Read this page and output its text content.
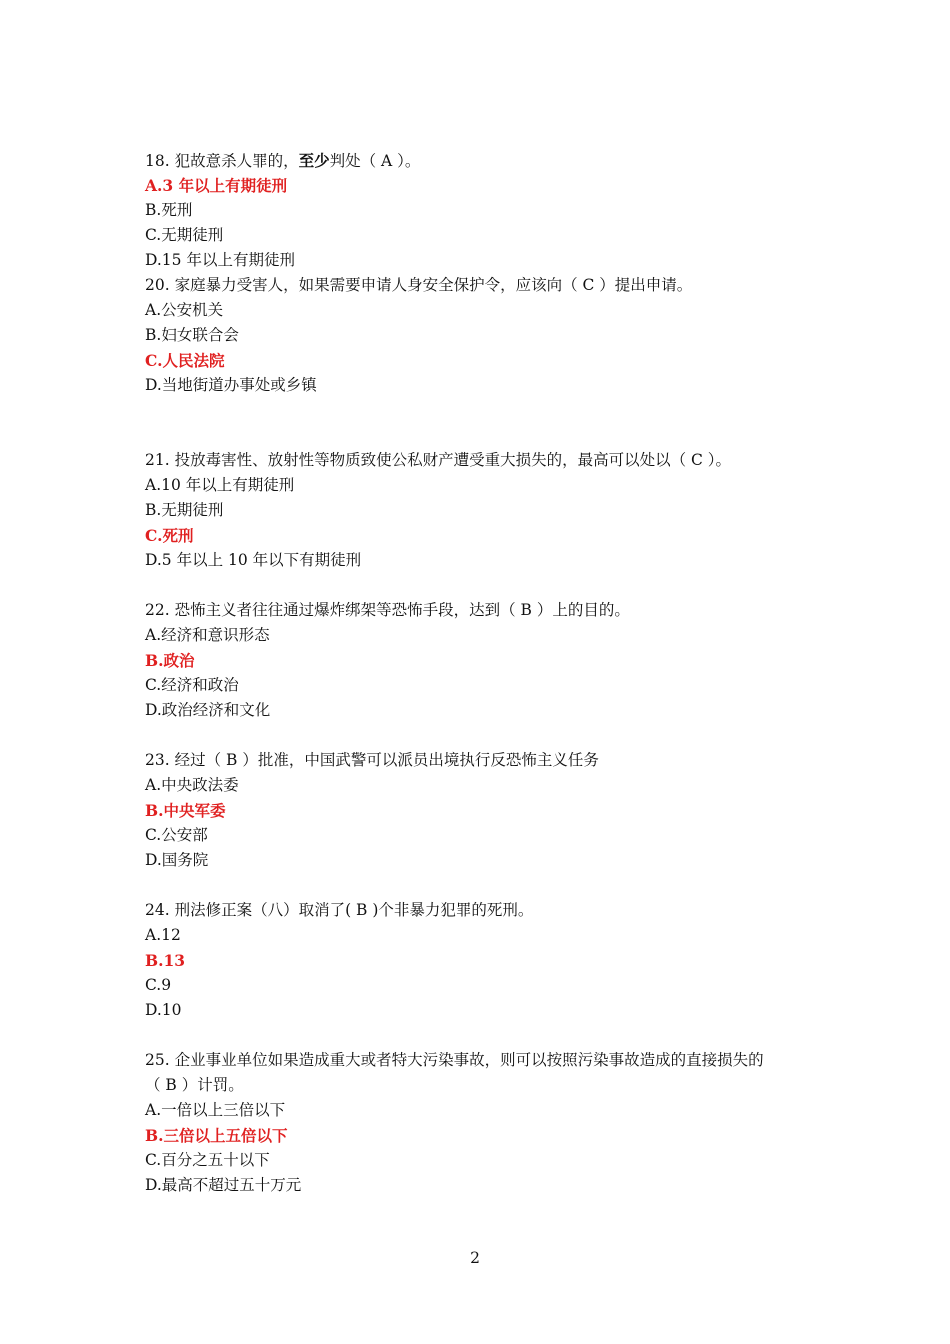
18. 犯故意杀人罪的，至少判处（ A ）。
A.3 年以上有期徒刑
B.死刑
C.无期徒刑
D.15 年以上有期徒刑
20. 家庭暴力受害人，如果需要申请人身安全保护令，应该向（ C ）提出申请。
A.公安机关
B.妇女联合会
C.人民法院
D.当地街道办事处或乡镇
21. 投放毒害性、放射性等物质致使公私财产遭受重大损失的，最高可以处以（ C ）。
A.10 年以上有期徒刑
B.无期徒刑
C.死刑
D.5 年以上 10 年以下有期徒刑
22. 恐怖主义者往往通过爆炸绑架等恐怖手段，达到（ B ）上的目的。
A.经济和意识形态
B.政治
C.经济和政治
D.政治经济和文化
23. 经过（ B ）批准，中国武警可以派员出境执行反恐怖主义任务
A.中央政法委
B.中央军委
C.公安部
D.国务院
24. 刑法修正案（八）取消了( B )个非暴力犯罪的死刑。
A.12
B.13
C.9
D.10
25. 企业事业单位如果造成重大或者特大污染事故，则可以按照污染事故造成的直接损失的
（ B ）计罚。
A.一倍以上三倍以下
B.三倍以上五倍以下
C.百分之五十以下
D.最高不超过五十万元
2
